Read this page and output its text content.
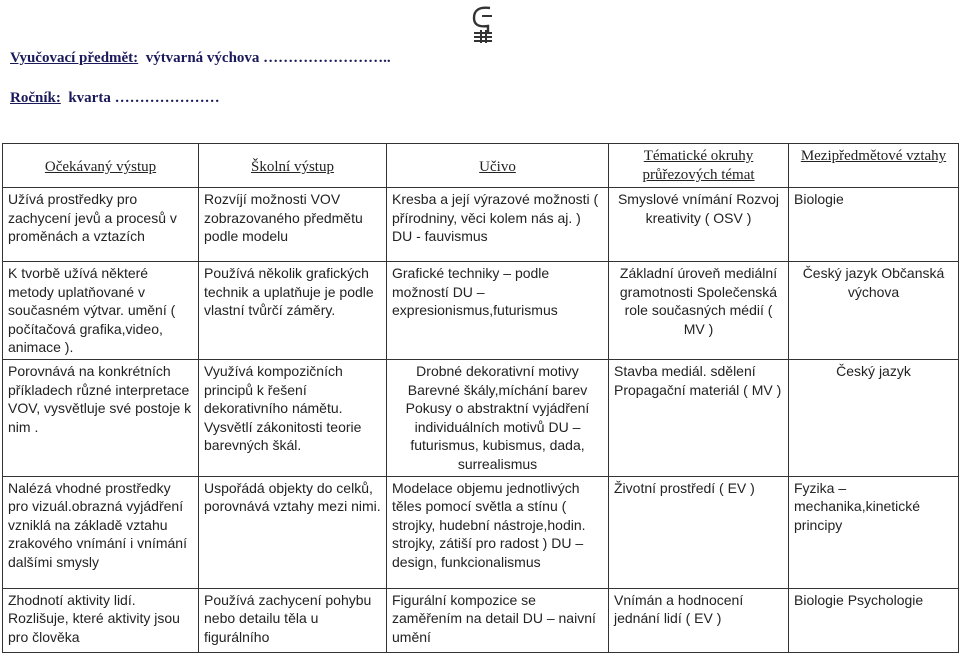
Vyučovací předmět: výtvarná výchova ……………………..
Ročník: kvarta …………………
Očekávaný výstup	Školní výstup	Učivo	Tématické okruhy průřezových témat	Mezipředmětové vztahy
Užívá prostředky pro zachycení jevů a procesů v proměnách a vztazích	Rozvíjí možnosti VOV zobrazovaného předmětu podle modelu	Kresba a její výrazové možnosti ( přírodniny, věci kolem nás aj. ) DU - fauvismus	Smyslové vnímání Rozvoj kreativity ( OSV )	Biologie
K tvorbě užívá některé metody uplatňované v současném výtvar. umění ( počítačová grafika,video, animace ).	Používá několik grafických technik a uplatňuje je podle vlastní tvůrčí záměry.	Grafické techniky – podle možností DU – expresionismus,futurismus	Základní úroveň mediální gramotnosti Společenská role současných médií ( MV )	Český jazyk Občanská výchova
Porovnává na konkrétních příkladech různé interpretace VOV, vysvětluje své postoje k nim .	Využívá kompozičních principů k řešení dekorativního námětu. Vysvětlí zákonitosti teorie barevných škál.	Drobné dekorativní motivy Barevné škály,míchání barev Pokusy o abstraktní vyjádření individuálních motivů DU – futurismus, kubismus, dada, surrealismus	Stavba mediál. sdělení Propagační materiál ( MV )	Český jazyk
Nalézá vhodné prostředky pro vizuál.obrazná vyjádření vzniklá na základě vztahu zrakového vnímání i vnímání dalšími smysly	Uspořádá objekty do celků, porovnává vztahy mezi nimi.	Modelace objemu jednotlivých těles pomocí světla a stínu ( strojky, hudební nástroje,hodin. strojky, zátiší pro radost ) DU – design, funkcionalismus	Životní prostředí ( EV )	Fyzika – mechanika,kinetické principy
Zhodnotí aktivity lidí. Rozlišuje, které aktivity jsou pro člověka	Používá zachycení pohybu nebo detailu těla u figurálního	Figurální kompozice se zaměřením na detail DU – naivní umění	Vnímán a hodnocení jednání lidí ( EV )	Biologie Psychologie
